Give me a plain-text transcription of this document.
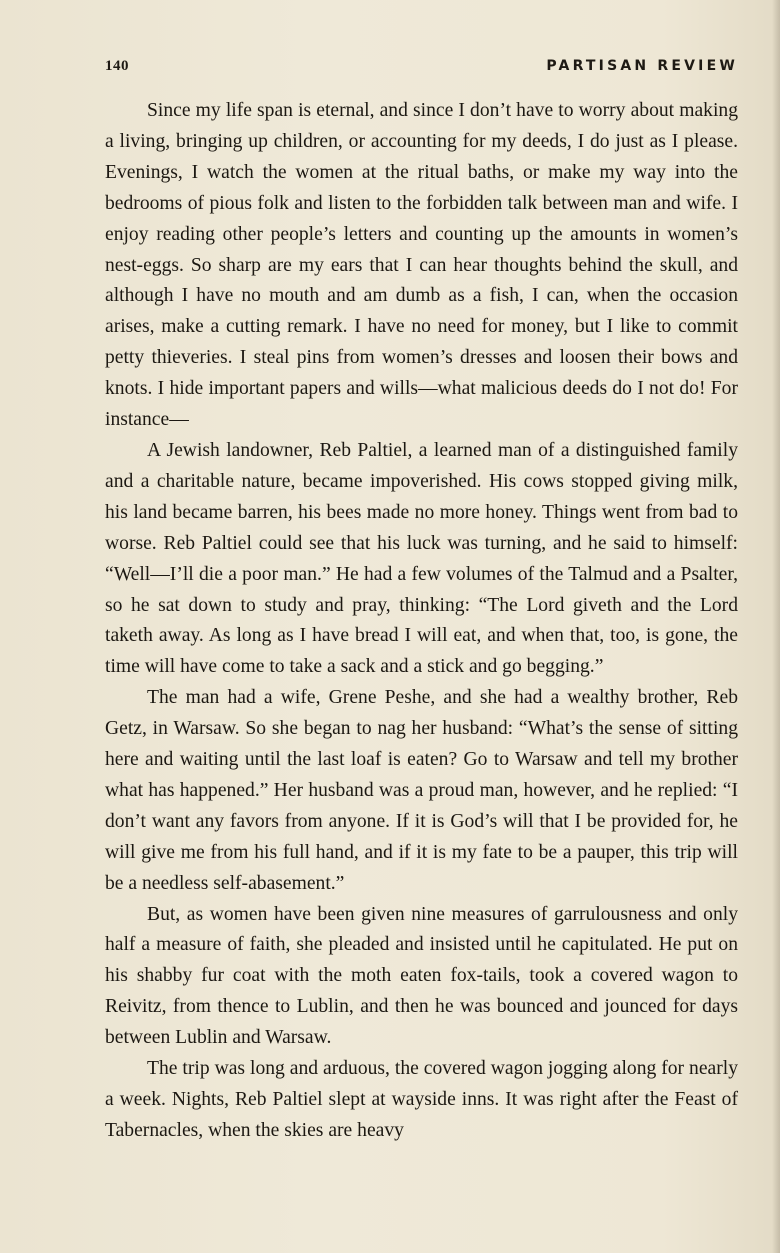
140	PARTISAN REVIEW

Since my life span is eternal, and since I don’t have to worry about making a living, bringing up children, or accounting for my deeds, I do just as I please. Evenings, I watch the women at the ritual baths, or make my way into the bedrooms of pious folk and listen to the forbidden talk between man and wife. I enjoy reading other people’s letters and counting up the amounts in women’s nest-eggs. So sharp are my ears that I can hear thoughts behind the skull, and although I have no mouth and am dumb as a fish, I can, when the occasion arises, make a cutting remark. I have no need for money, but I like to commit petty thieveries. I steal pins from women’s dresses and loosen their bows and knots. I hide important papers and wills—what malicious deeds do I not do! For instance—

A Jewish landowner, Reb Paltiel, a learned man of a distinguished family and a charitable nature, became impoverished. His cows stopped giving milk, his land became barren, his bees made no more honey. Things went from bad to worse. Reb Paltiel could see that his luck was turning, and he said to himself: “Well—I’ll die a poor man.” He had a few volumes of the Talmud and a Psalter, so he sat down to study and pray, thinking: “The Lord giveth and the Lord taketh away. As long as I have bread I will eat, and when that, too, is gone, the time will have come to take a sack and a stick and go begging.”

The man had a wife, Grene Peshe, and she had a wealthy brother, Reb Getz, in Warsaw. So she began to nag her husband: “What’s the sense of sitting here and waiting until the last loaf is eaten? Go to Warsaw and tell my brother what has happened.” Her husband was a proud man, however, and he replied: “I don’t want any favors from anyone. If it is God’s will that I be provided for, he will give me from his full hand, and if it is my fate to be a pauper, this trip will be a needless self-abasement.”

But, as women have been given nine measures of garrulousness and only half a measure of faith, she pleaded and insisted until he capitulated. He put on his shabby fur coat with the moth eaten fox-tails, took a covered wagon to Reivitz, from thence to Lublin, and then he was bounced and jounced for days between Lublin and Warsaw.

The trip was long and arduous, the covered wagon jogging along for nearly a week. Nights, Reb Paltiel slept at wayside inns. It was right after the Feast of Tabernacles, when the skies are heavy
